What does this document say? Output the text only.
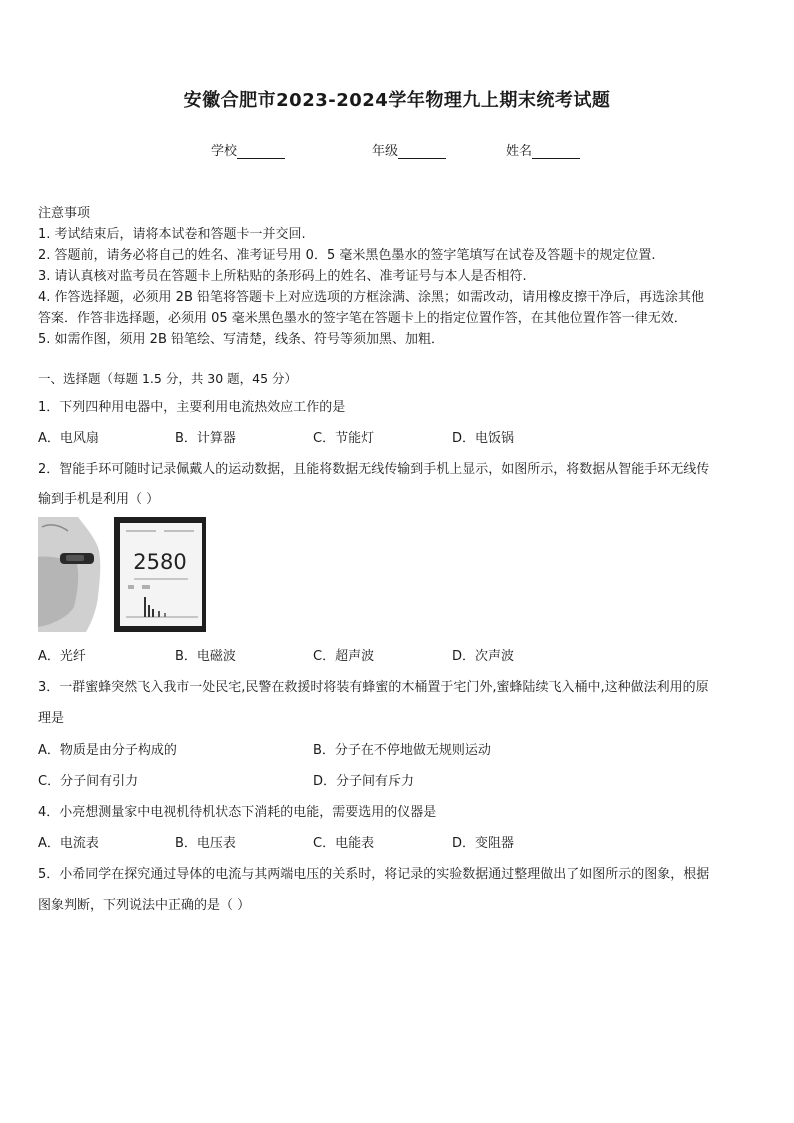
安徽合肥市2023-2024学年物理九上期末统考试题
学校	年级	姓名
注意事项
1. 考试结束后，请将本试卷和答题卡一并交回.
2. 答题前，请务必将自己的姓名、准考证号用 0．5 毫米黑色墨水的签字笔填写在试卷及答题卡的规定位置.
3. 请认真核对监考员在答题卡上所粘贴的条形码上的姓名、准考证号与本人是否相符.
4. 作答选择题，必须用 2B 铅笔将答题卡上对应选项的方框涂满、涂黑；如需改动，请用橡皮擦干净后，再选涂其他
答案．作答非选择题，必须用 05 毫米黑色墨水的签字笔在答题卡上的指定位置作答，在其他位置作答一律无效．
5. 如需作图，须用 2B 铅笔绘、写清楚，线条、符号等须加黑、加粗．
一、选择题（每题 1.5 分，共 30 题，45 分）
1．下列四种用电器中，主要利用电流热效应工作的是
A．电风扇	B．计算器	C．节能灯	D．电饭锅
2．智能手环可随时记录佩戴人的运动数据，且能将数据无线传输到手机上显示，如图所示，将数据从智能手环无线传
输到手机是利用（ ）
2580
A．光纤	B．电磁波	C．超声波	D．次声波
3．一群蜜蜂突然飞入我市一处民宅,民警在救援时将装有蜂蜜的木桶置于宅门外,蜜蜂陆续飞入桶中,这种做法利用的原
理是
A．物质是由分子构成的	B．分子在不停地做无规则运动
C．分子间有引力	D．分子间有斥力
4．小亮想测量家中电视机待机状态下消耗的电能，需要选用的仪器是
A．电流表	B．电压表	C．电能表	D．变阻器
5．小希同学在探究通过导体的电流与其两端电压的关系时，将记录的实验数据通过整理做出了如图所示的图象，根据
图象判断，下列说法中正确的是（ ）
